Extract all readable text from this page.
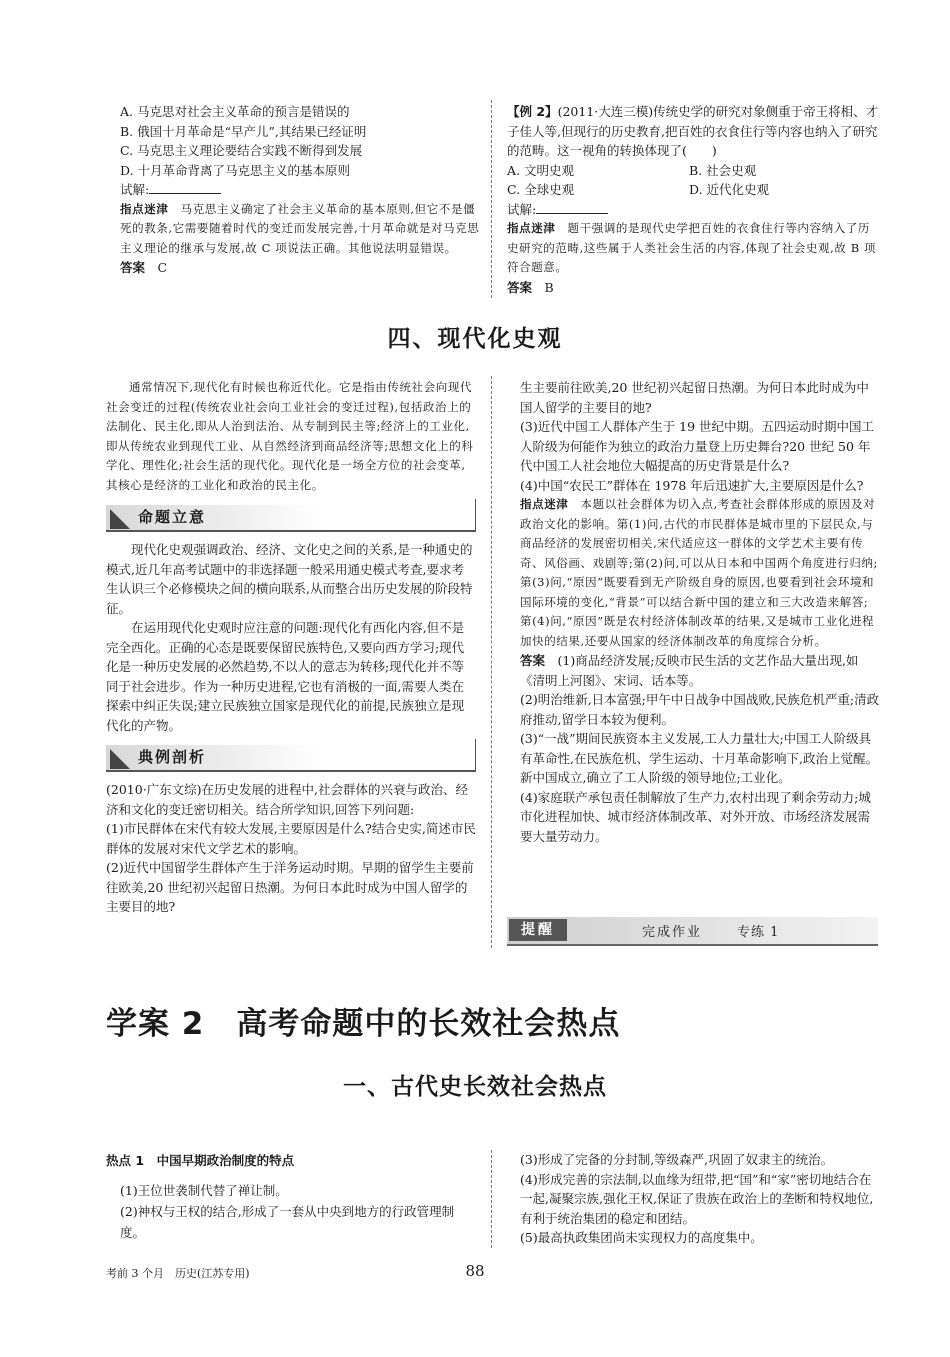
A. 马克思对社会主义革命的预言是错误的

B. 俄国十月革命是“早产儿”,其结果已经证明

C. 马克思主义理论要结合实践不断得到发展

D. 十月革命背离了马克思主义的基本原则

试解:

指点迷津　 马克思主义确定了社会主义革命的基本原则,但它不是僵死的教条,它需要随着时代的变迁而发展完善,十月革命就是对马克思主义理论的继承与发展,故 C 项说法正确。其他说法明显错误。

答案　 C

【例 2】(2011·大连三模)传统史学的研究对象侧重于帝王将相、才子佳人等,但现行的历史教育,把百姓的衣食住行等内容也纳入了研究的范畴。这一视角的转换体现了(　　)

A. 文明史观	B. 社会史观
C. 全球史观	D. 近代化史观

试解:

指点迷津　 题干强调的是现代史学把百姓的衣食住行等内容纳入了历史研究的范畴,这些属于人类社会生活的内容,体现了社会史观,故 B 项符合题意。

答案　 B

四、现代化史观

通常情况下,现代化有时候也称近代化。它是指由传统社会向现代社会变迁的过程(传统农业社会向工业社会的变迁过程),包括政治上的法制化、民主化,即从人治到法治、从专制到民主等;经济上的工业化,即从传统农业到现代工业、从自然经济到商品经济等;思想文化上的科学化、理性化;社会生活的现代化。现代化是一场全方位的社会变革,其核心是经济的工业化和政治的民主化。

命题立意

现代化史观强调政治、经济、文化史之间的关系,是一种通史的模式,近几年高考试题中的非选择题一般采用通史模式考查,要求考生认识三个必修模块之间的横向联系,从而整合出历史发展的阶段特征。

在运用现代化史观时应注意的问题:现代化有西化内容,但不是完全西化。正确的心态是既要保留民族特色,又要向西方学习;现代化是一种历史发展的必然趋势,不以人的意志为转移;现代化并不等同于社会进步。作为一种历史进程,它也有消极的一面,需要人类在探索中纠正失误;建立民族独立国家是现代化的前提,民族独立是现代化的产物。

典例剖析

(2010·广东文综)在历史发展的进程中,社会群体的兴衰与政治、经济和文化的变迁密切相关。结合所学知识,回答下列问题:

(1)市民群体在宋代有较大发展,主要原因是什么?结合史实,简述市民群体的发展对宋代文学艺术的影响。

(2)近代中国留学生群体产生于洋务运动时期。早期的留学生主要前往欧美,20 世纪初兴起留日热潮。为何日本此时成为中国人留学的主要目的地?

生主要前往欧美,20 世纪初兴起留日热潮。为何日本此时成为中国人留学的主要目的地?

(3)近代中国工人群体产生于 19 世纪中期。五四运动时期中国工人阶级为何能作为独立的政治力量登上历史舞台?20 世纪 50 年代中国工人社会地位大幅提高的历史背景是什么?

(4)中国“农民工”群体在 1978 年后迅速扩大,主要原因是什么?

指点迷津　 本题以社会群体为切入点,考查社会群体形成的原因及对政治文化的影响。第(1)问,古代的市民群体是城市里的下层民众,与商品经济的发展密切相关,宋代适应这一群体的文学艺术主要有传奇、风俗画、戏剧等;第(2)问,可以从日本和中国两个角度进行归纳;第(3)问,“原因”既要看到无产阶级自身的原因,也要看到社会环境和国际环境的变化,“背景”可以结合新中国的建立和三大改造来解答;第(4)问,“原因”既是农村经济体制改革的结果,又是城市工业化进程加快的结果,还要从国家的经济体制改革的角度综合分析。

答案　 (1)商品经济发展;反映市民生活的文艺作品大量出现,如《清明上河图》、宋词、话本等。

(2)明治维新,日本富强;甲午中日战争中国战败,民族危机严重;清政府推动,留学日本较为便利。

(3)“一战”期间民族资本主义发展,工人力量壮大;中国工人阶级具有革命性,在民族危机、学生运动、十月革命影响下,政治上觉醒。新中国成立,确立了工人阶级的领导地位;工业化。

(4)家庭联产承包责任制解放了生产力,农村出现了剩余劳动力;城市化进程加快、城市经济体制改革、对外开放、市场经济发展需要大量劳动力。

提醒	完成作业	专练 1
学案 2　高考命题中的长效社会热点
一、古代史长效社会热点

热点 1　 中国早期政治制度的特点

(1)王位世袭制代替了禅让制。

(2)神权与王权的结合,形成了一套从中央到地方的行政管理制度。

(3)形成了完备的分封制,等级森严,巩固了奴隶主的统治。

(4)形成完善的宗法制,以血缘为纽带,把“国”和“家”密切地结合在一起,凝聚宗族,强化王权,保证了贵族在政治上的垄断和特权地位,有利于统治集团的稳定和团结。

(5)最高执政集团尚未实现权力的高度集中。

考前 3 个月　历史(江苏专用)	88
